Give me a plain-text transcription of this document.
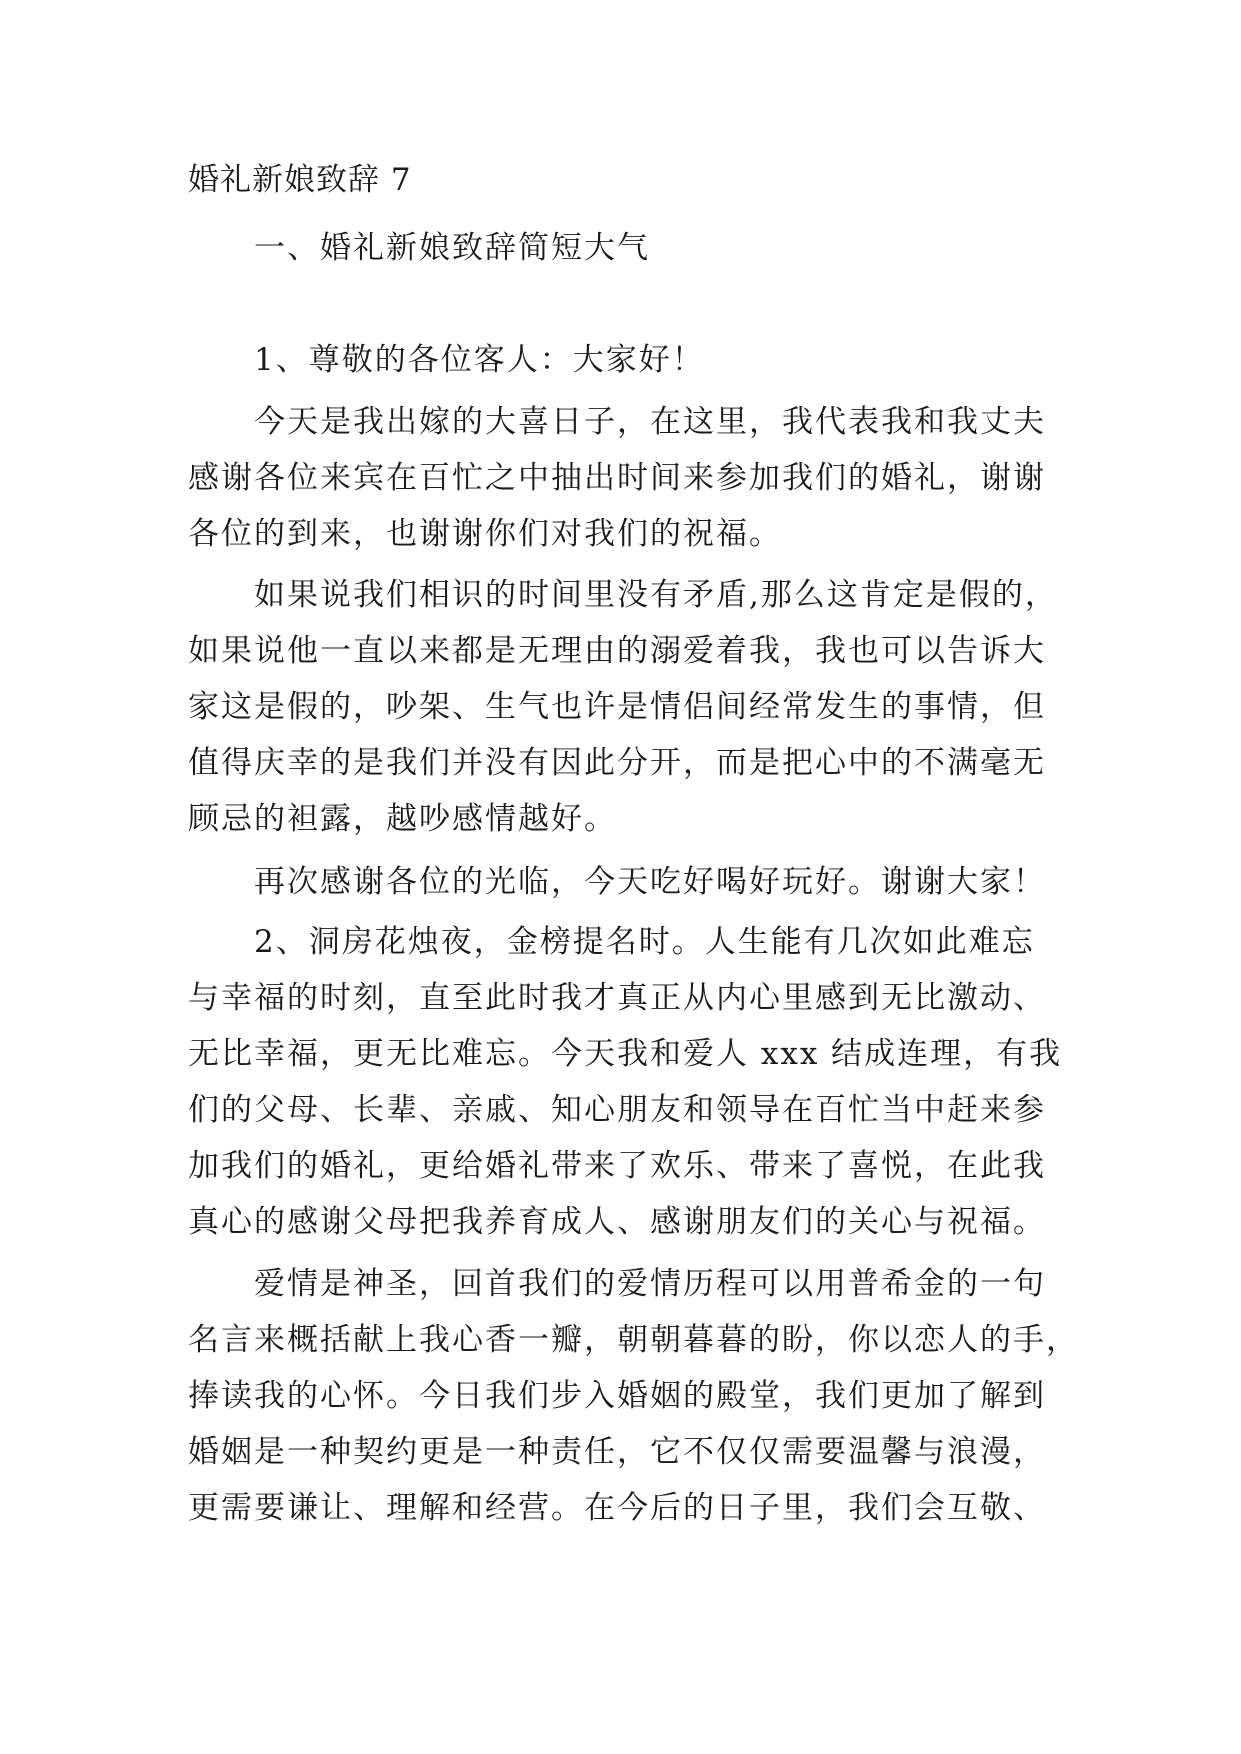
婚礼新娘致辞 7
一、婚礼新娘致辞简短大气
1、尊敬的各位客人：大家好！
今天是我出嫁的大喜日子，在这里，我代表我和我丈夫
感谢各位来宾在百忙之中抽出时间来参加我们的婚礼，谢谢
各位的到来，也谢谢你们对我们的祝福。
如果说我们相识的时间里没有矛盾,那么这肯定是假的，
如果说他一直以来都是无理由的溺爱着我，我也可以告诉大
家这是假的，吵架、生气也许是情侣间经常发生的事情，但
值得庆幸的是我们并没有因此分开，而是把心中的不满毫无
顾忌的袒露，越吵感情越好。
再次感谢各位的光临，今天吃好喝好玩好。谢谢大家！
2、洞房花烛夜，金榜提名时。人生能有几次如此难忘
与幸福的时刻，直至此时我才真正从内心里感到无比激动、
无比幸福，更无比难忘。今天我和爱人 xxx 结成连理，有我
们的父母、长辈、亲戚、知心朋友和领导在百忙当中赶来参
加我们的婚礼，更给婚礼带来了欢乐、带来了喜悦，在此我
真心的感谢父母把我养育成人、感谢朋友们的关心与祝福。
爱情是神圣，回首我们的爱情历程可以用普希金的一句
名言来概括献上我心香一瓣，朝朝暮暮的盼，你以恋人的手，
捧读我的心怀。今日我们步入婚姻的殿堂，我们更加了解到
婚姻是一种契约更是一种责任，它不仅仅需要温馨与浪漫，
更需要谦让、理解和经营。在今后的日子里，我们会互敬、
